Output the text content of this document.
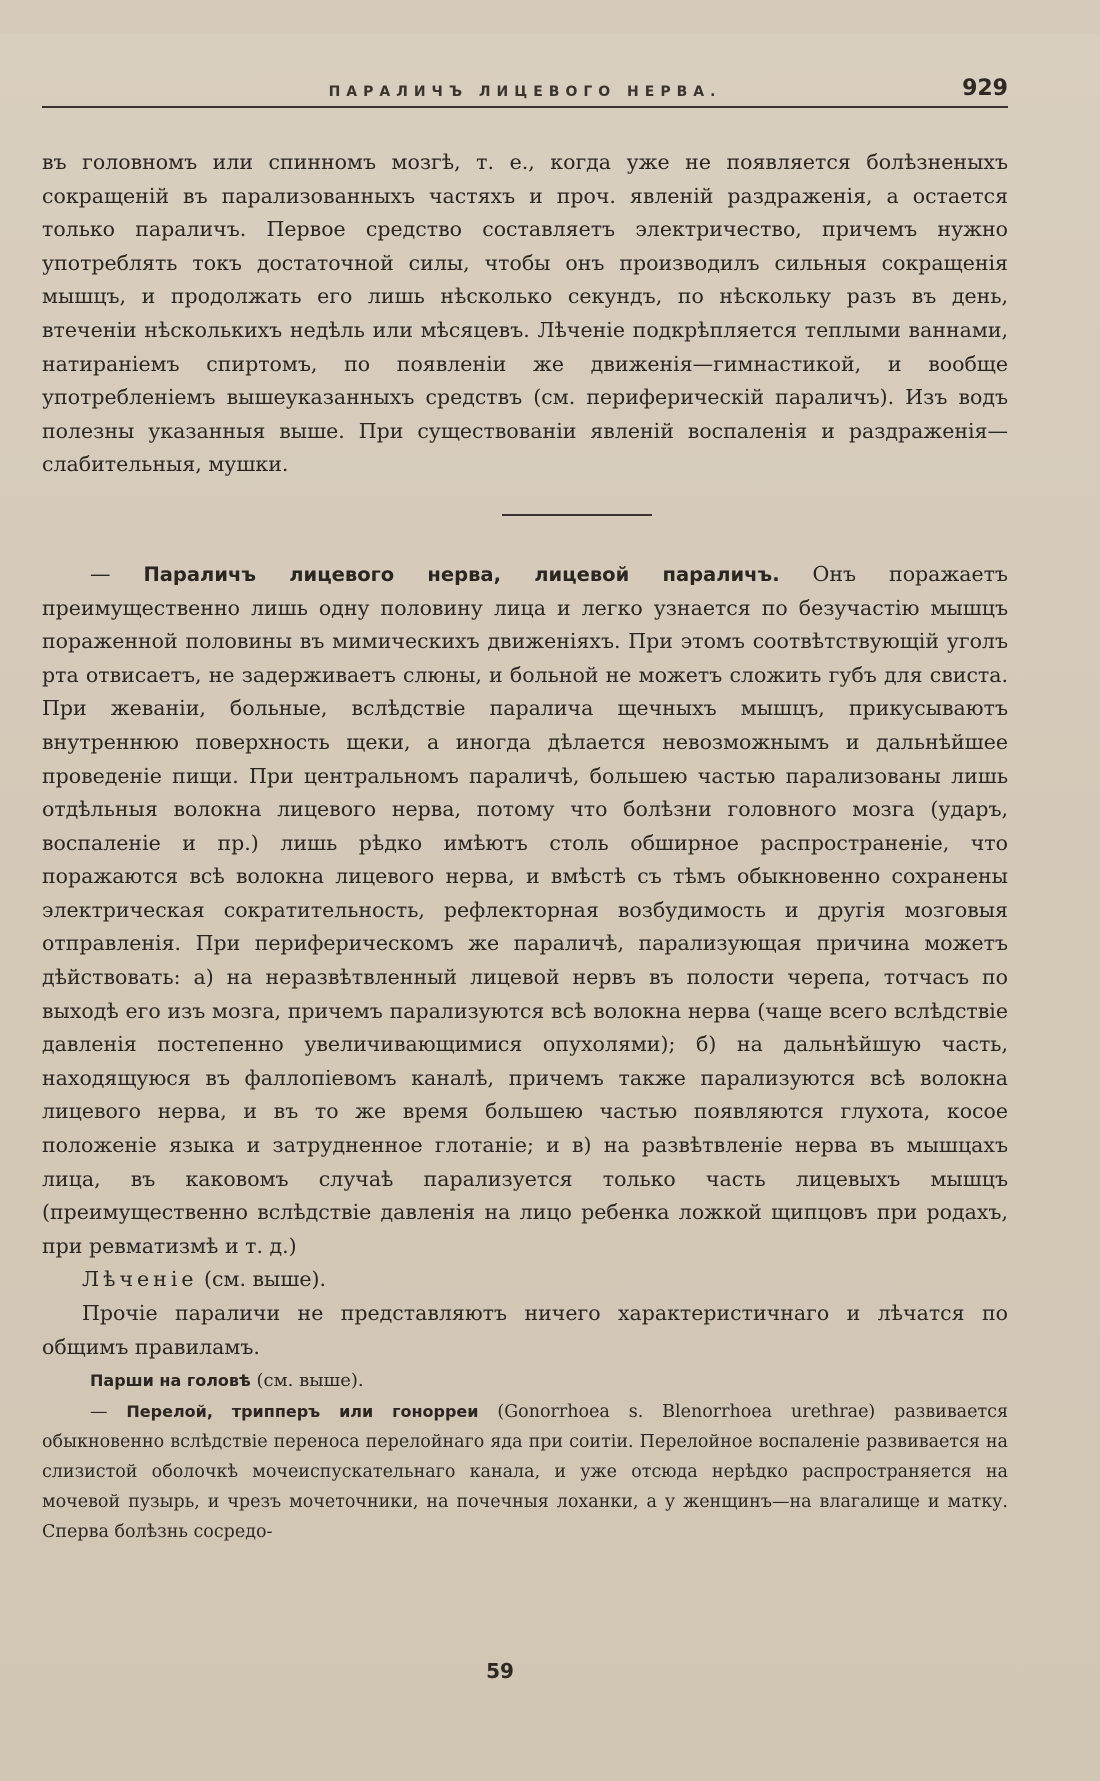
ПАРАЛИЧЪ ЛИЦЕВОГО НЕРВА.	929

въ головномъ или спинномъ мозгѣ, т. е., когда уже не появляется болѣзненыхъ сокращеній въ парализованныхъ частяхъ и проч. явленій раздраженія, а остается только параличъ. Первое средство составляетъ электричество, причемъ нужно употреблять токъ достаточной силы, чтобы онъ производилъ сильныя сокращенія мышцъ, и продолжать его лишь нѣсколько секундъ, по нѣскольку разъ въ день, втеченіи нѣсколькихъ недѣль или мѣсяцевъ. Лѣченіе подкрѣпляется теплыми ваннами, натираніемъ спиртомъ, по появленіи же движенія—гимнастикой, и вообще употребленіемъ вышеуказанныхъ средствъ (см. периферическій параличъ). Изъ водъ полезны указанныя выше. При существованіи явленій воспаленія и раздраженія—слабительныя, мушки.

— Параличъ лицевого нерва, лицевой параличъ. Онъ поражаетъ преимущественно лишь одну половину лица и легко узнается по безучастію мышцъ пораженной половины въ мимическихъ движеніяхъ. При этомъ соотвѣтствующій уголъ рта отвисаетъ, не задерживаетъ слюны, и больной не можетъ сложить губъ для свиста. При жеваніи, больные, вслѣдствіе паралича щечныхъ мышцъ, прикусываютъ внутреннюю поверхность щеки, а иногда дѣлается невозможнымъ и дальнѣйшее проведеніе пищи. При центральномъ параличѣ, большею частью парализованы лишь отдѣльныя волокна лицевого нерва, потому что болѣзни головного мозга (ударъ, воспаленіе и пр.) лишь рѣдко имѣютъ столь обширное распространеніе, что поражаются всѣ волокна лицевого нерва, и вмѣстѣ съ тѣмъ обыкновенно сохранены электрическая сократительность, рефлекторная возбудимость и другія мозговыя отправленія. При периферическомъ же параличѣ, парализующая причина можетъ дѣйствовать: а) на неразвѣтвленный лицевой нервъ въ полости черепа, тотчасъ по выходѣ его изъ мозга, причемъ парализуются всѣ волокна нерва (чаще всего вслѣдствіе давленія постепенно увеличивающимися опухолями); б) на дальнѣйшую часть, находящуюся въ фаллопіевомъ каналѣ, причемъ также парализуются всѣ волокна лицевого нерва, и въ то же время большею частью появляются глухота, косое положеніе языка и затрудненное глотаніе; и в) на развѣтвленіе нерва въ мышцахъ лица, въ каковомъ случаѣ парализуется только часть лицевыхъ мышцъ (преимущественно вслѣдствіе давленія на лицо ребенка ложкой щипцовъ при родахъ, при ревматизмѣ и т. д.)

Лѣченіе (см. выше).

Прочіе параличи не представляютъ ничего характеристичнаго и лѣчатся по общимъ правиламъ.

Парши на головѣ (см. выше).

— Перелой, трипперъ или гонорреи (Gonorrhoea s. Blenorrhoea urethrae) развивается обыкновенно вслѣдствіе переноса перелойнаго яда при соитіи. Перелойное воспаленіе развивается на слизистой оболочкѣ мочеиспускательнаго канала, и уже отсюда нерѣдко распространяется на мочевой пузырь, и чрезъ мочеточники, на почечныя лоханки, а у женщинъ—на влагалище и матку. Сперва болѣзнь сосредо-

59
